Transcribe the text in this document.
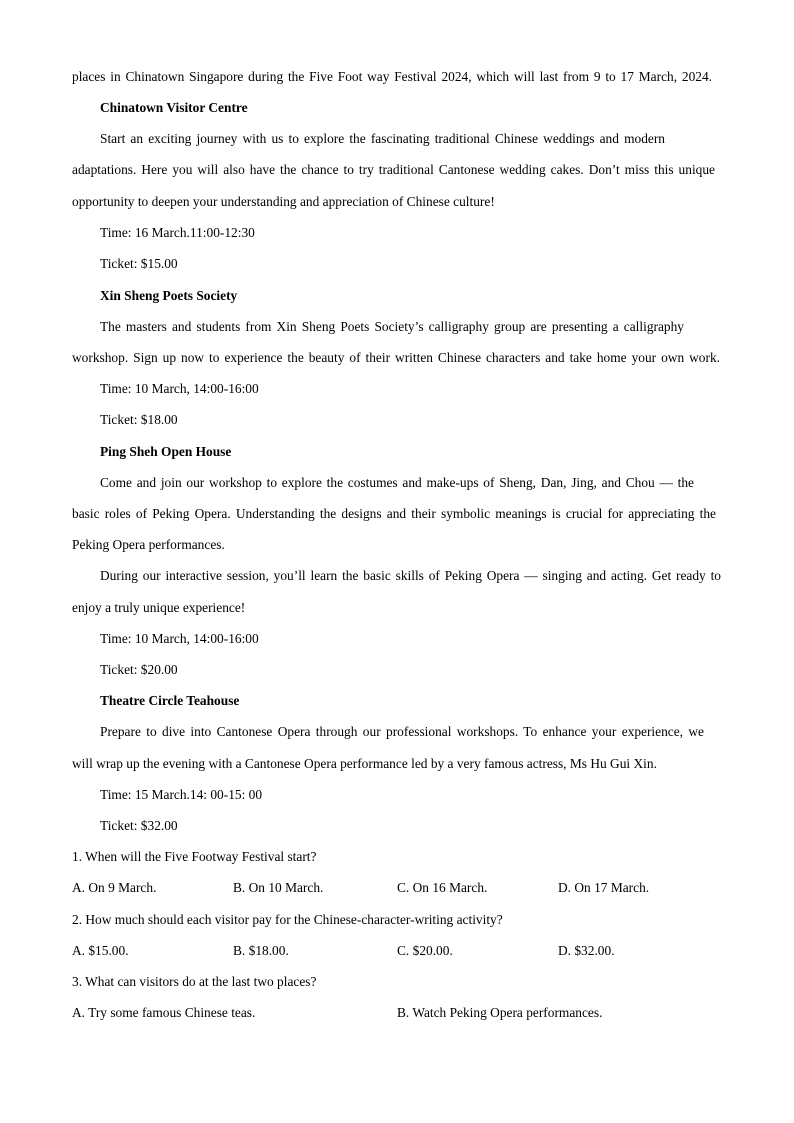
places in Chinatown Singapore during the Five Foot way Festival 2024, which will last from 9 to 17 March, 2024.
Chinatown Visitor Centre
Start an exciting journey with us to explore the fascinating traditional Chinese weddings and modern
adaptations. Here you will also have the chance to try traditional Cantonese wedding cakes. Don’t miss this unique
opportunity to deepen your understanding and appreciation of Chinese culture!
Time: 16 March.11:00-12:30
Ticket: $15.00
Xin Sheng Poets Society
The masters and students from Xin Sheng Poets Society’s calligraphy group are presenting a calligraphy
workshop. Sign up now to experience the beauty of their written Chinese characters and take home your own work.
Time: 10 March, 14:00-16:00
Ticket: $18.00
Ping Sheh Open House
Come and join our workshop to explore the costumes and make-ups of Sheng, Dan, Jing, and Chou — the
basic roles of Peking Opera. Understanding the designs and their symbolic meanings is crucial for appreciating the
Peking Opera performances.
During our interactive session, you’ll learn the basic skills of Peking Opera — singing and acting. Get ready to
enjoy a truly unique experience!
Time: 10 March, 14:00-16:00
Ticket: $20.00
Theatre Circle Teahouse
Prepare to dive into Cantonese Opera through our professional workshops. To enhance your experience, we
will wrap up the evening with a Cantonese Opera performance led by a very famous actress, Ms Hu Gui Xin.
Time: 15 March.14: 00-15: 00
Ticket: $32.00
1. When will the Five Footway Festival start?
A. On 9 March.	B. On 10 March.	C. On 16 March.	D. On 17 March.
2. How much should each visitor pay for the Chinese-character-writing activity?
A. $15.00.	B. $18.00.	C. $20.00.	D. $32.00.
3. What can visitors do at the last two places?
A. Try some famous Chinese teas.	B. Watch Peking Opera performances.
